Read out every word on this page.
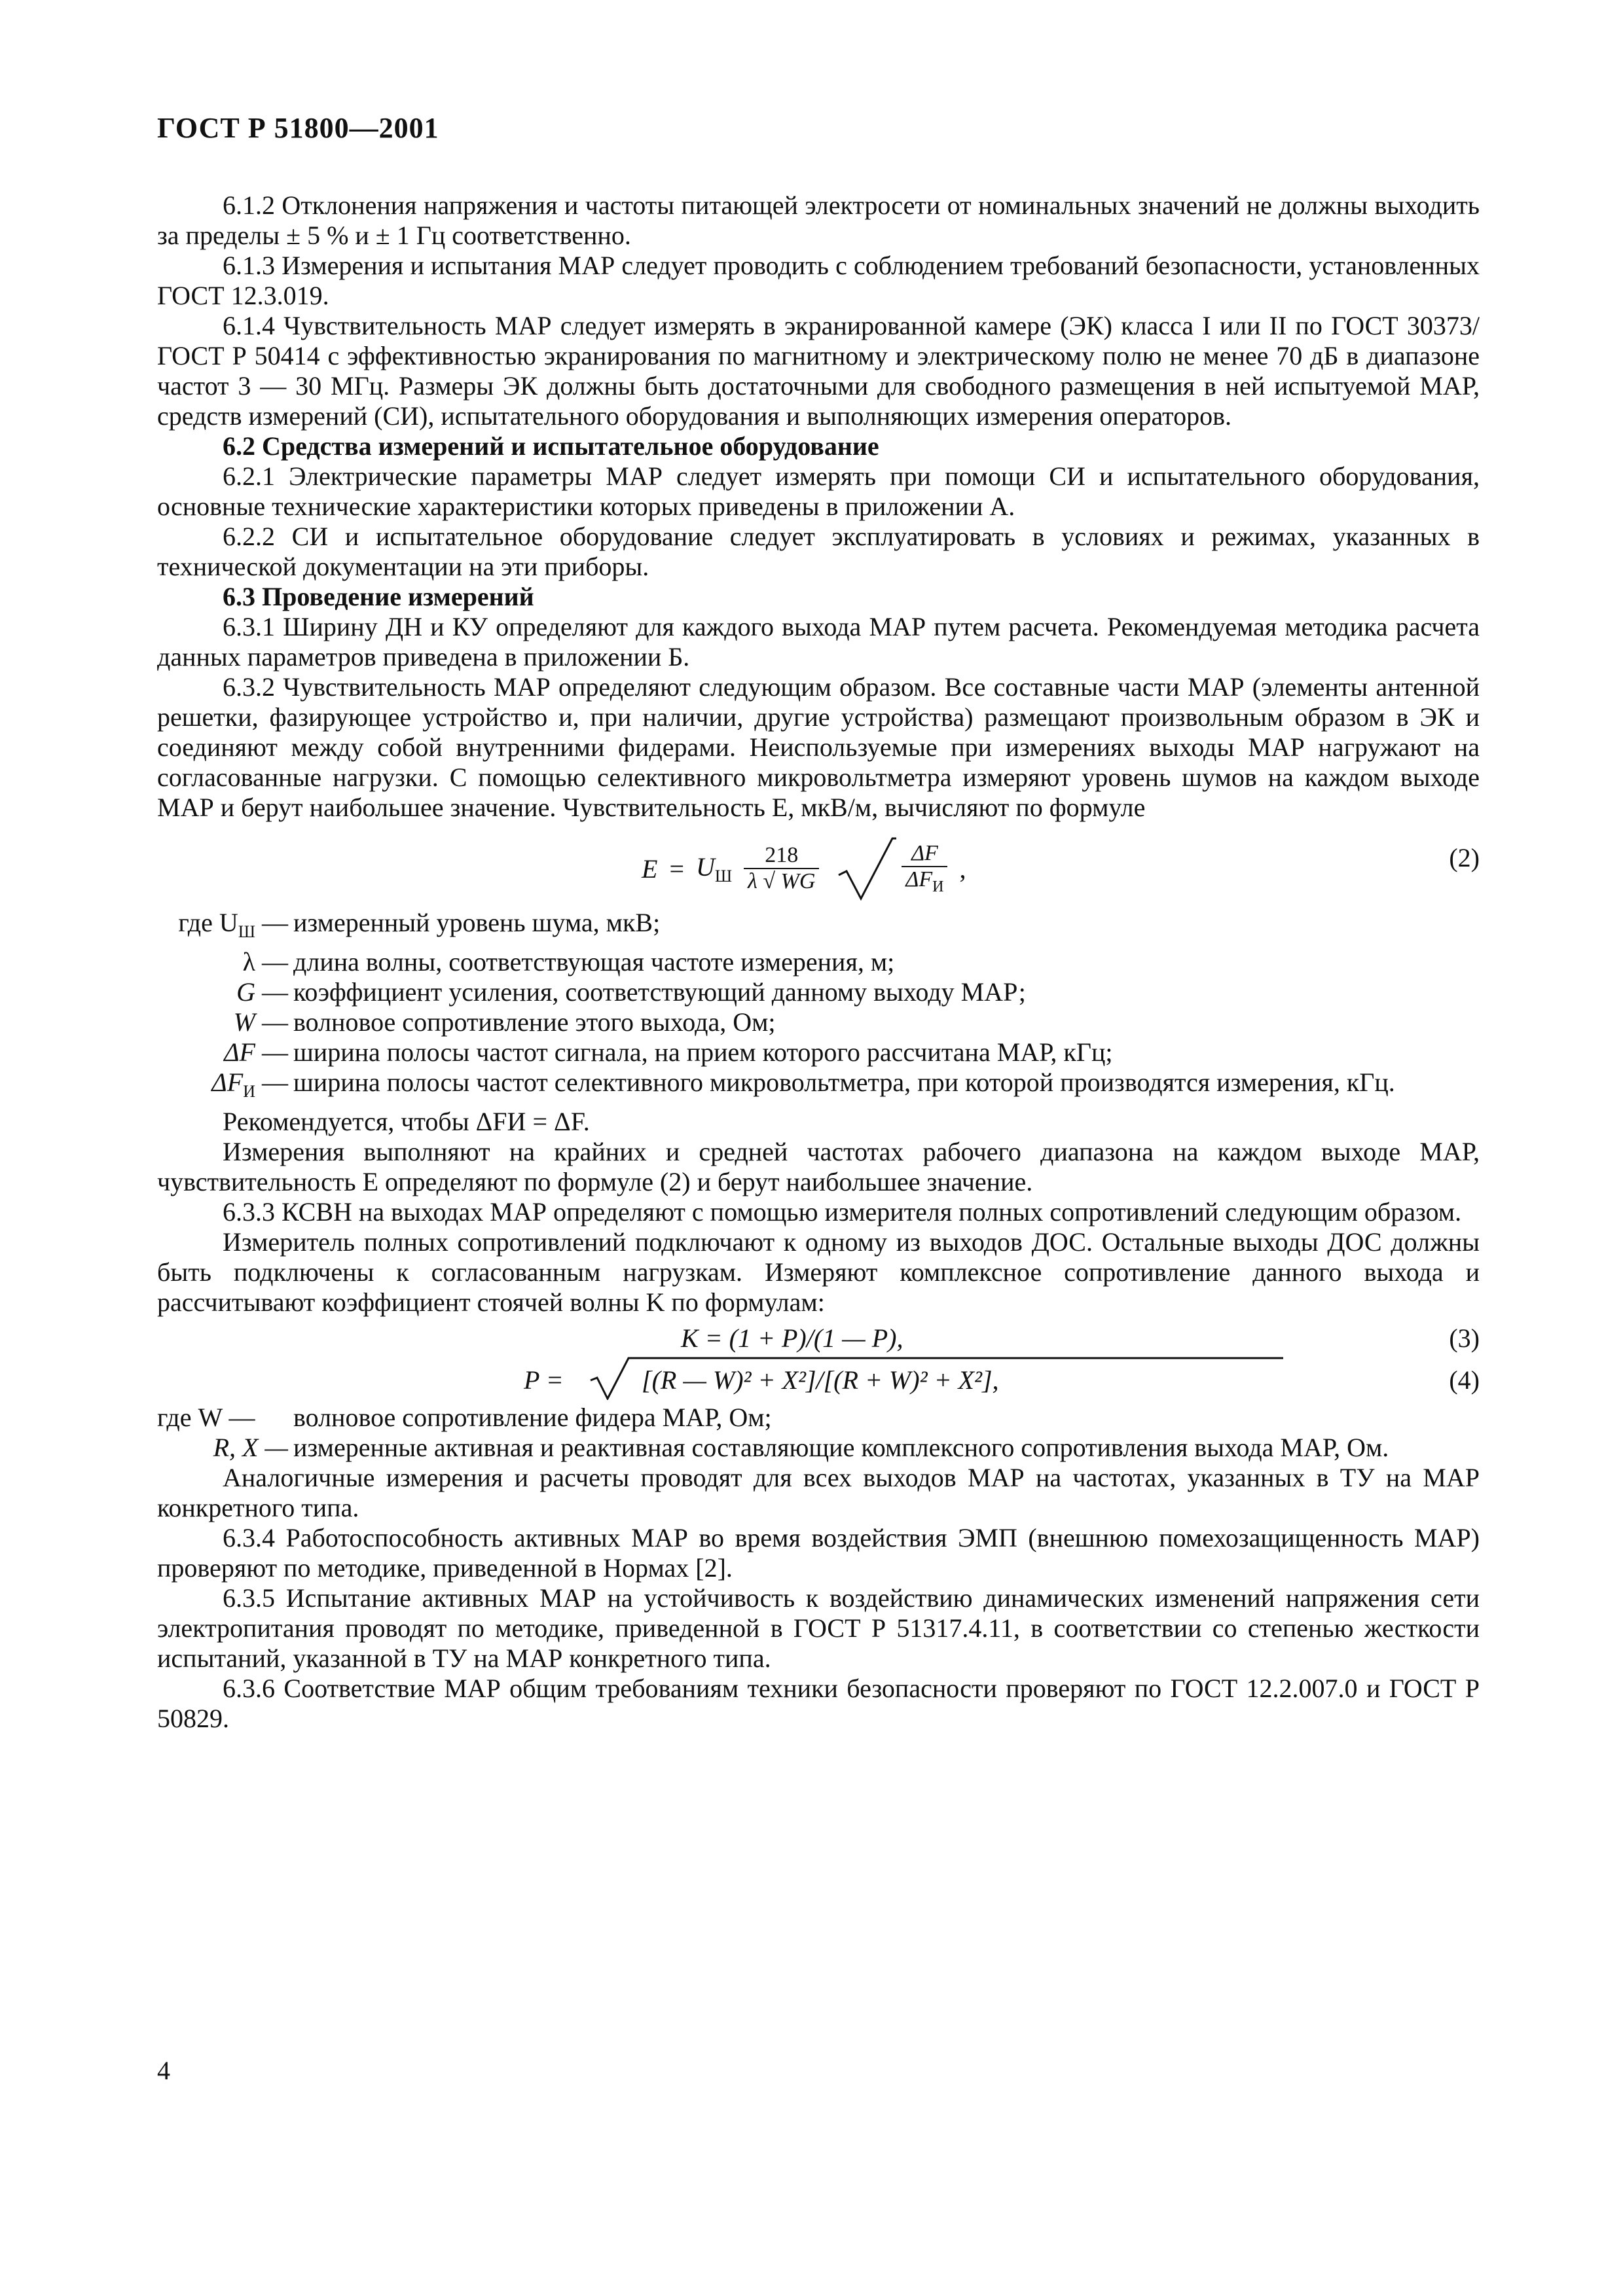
ГОСТ Р 51800—2001

6.1.2 Отклонения напряжения и частоты питающей электросети от номинальных значений не должны выходить за пределы ± 5 % и ± 1 Гц соответственно.

6.1.3 Измерения и испытания МАР следует проводить с соблюдением требований безопасности, установленных ГОСТ 12.3.019.

6.1.4 Чувствительность МАР следует измерять в экранированной камере (ЭК) класса I или II по ГОСТ 30373/ГОСТ Р 50414 с эффективностью экранирования по магнитному и электрическому полю не менее 70 дБ в диапазоне частот 3 — 30 МГц. Размеры ЭК должны быть достаточными для свободного размещения в ней испытуемой МАР, средств измерений (СИ), испытательного оборудования и выполняющих измерения операторов.

6.2 Средства измерений и испытательное оборудование

6.2.1 Электрические параметры МАР следует измерять при помощи СИ и испытательного оборудования, основные технические характеристики которых приведены в приложении А.

6.2.2 СИ и испытательное оборудование следует эксплуатировать в условиях и режимах, указанных в технической документации на эти приборы.

6.3 Проведение измерений

6.3.1 Ширину ДН и КУ определяют для каждого выхода МАР путем расчета. Рекомендуемая методика расчета данных параметров приведена в приложении Б.

6.3.2 Чувствительность МАР определяют следующим образом. Все составные части МАР (элементы антенной решетки, фазирующее устройство и, при наличии, другие устройства) размещают произвольным образом в ЭК и соединяют между собой внутренними фидерами. Неиспользуемые при измерениях выходы МАР нагружают на согласованные нагрузки. С помощью селективного микровольтметра измеряют уровень шумов на каждом выходе МАР и берут наибольшее значение. Чувствительность E, мкВ/м, вычисляют по формуле

$E = U_Ш \frac{218}{\lambda √ WG}$	$\frac{\Delta F}{\Delta F_И}$ ,	(2)
где $U_Ш$ — измеренный уровень шума, мкВ;
λ — длина волны, соответствующая частоте измерения, м;
G — коэффициент усиления, соответствующий данному выходу МАР;
W — волновое сопротивление этого выхода, Ом;
ΔF — ширина полосы частот сигнала, на прием которого рассчитана МАР, кГц;
$\Delta F_И$ — ширина полосы частот селективного микровольтметра, при которой производятся измерения, кГц.

Рекомендуется, чтобы ΔFИ = ΔF.

Измерения выполняют на крайних и средней частотах рабочего диапазона на каждом выходе МАР, чувствительность E определяют по формуле (2) и берут наибольшее значение.

6.3.3 КСВН на выходах МАР определяют с помощью измерителя полных сопротивлений следующим образом.

Измеритель полных сопротивлений подключают к одному из выходов ДОС. Остальные выходы ДОС должны быть подключены к согласованным нагрузкам. Измеряют комплексное сопротивление данного выхода и рассчитывают коэффициент стоячей волны K по формулам:

K = (1 + P)/(1 — P),	(3)
P =	[(R — W)² + X²]/[(R + W)² + X²],	(4)
где W —	волновое сопротивление фидера МАР, Ом;
R, X — измеренные активная и реактивная составляющие комплексного сопротивления выхода МАР, Ом.

Аналогичные измерения и расчеты проводят для всех выходов МАР на частотах, указанных в ТУ на МАР конкретного типа.

6.3.4 Работоспособность активных МАР во время воздействия ЭМП (внешнюю помехозащищенность МАР) проверяют по методике, приведенной в Нормах [2].

6.3.5 Испытание активных МАР на устойчивость к воздействию динамических изменений напряжения сети электропитания проводят по методике, приведенной в ГОСТ Р 51317.4.11, в соответствии со степенью жесткости испытаний, указанной в ТУ на МАР конкретного типа.

6.3.6 Соответствие МАР общим требованиям техники безопасности проверяют по ГОСТ 12.2.007.0 и ГОСТ Р 50829.

4
